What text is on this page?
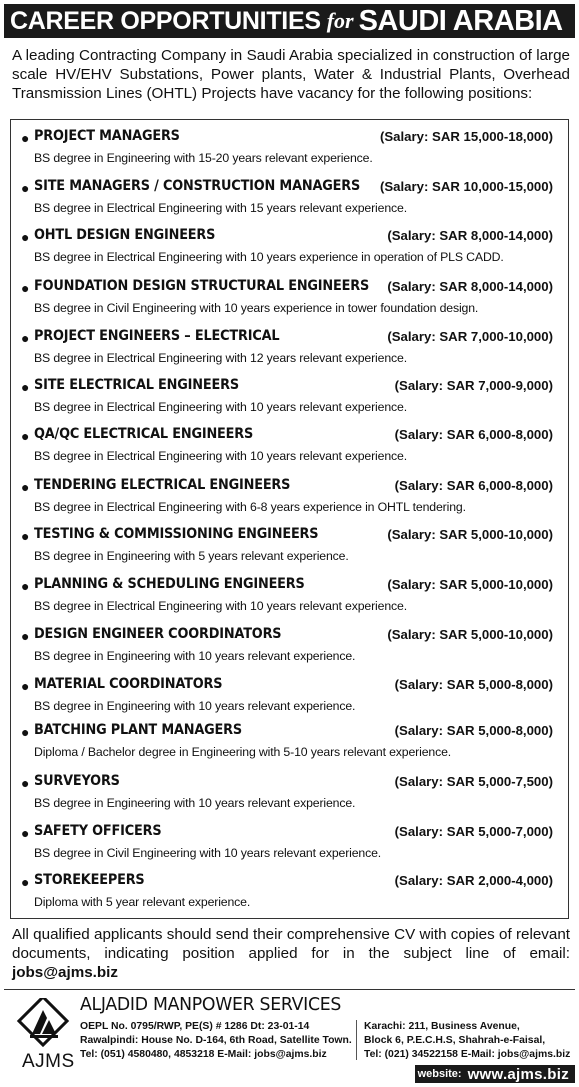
CAREER OPPORTUNITIES for SAUDI ARABIA

A leading Contracting Company in Saudi Arabia specialized in construction of large scale HV/EHV Substations, Power plants, Water & Industrial Plants, Overhead Transmission Lines (OHTL) Projects have vacancy for the following positions:

● PROJECT MANAGERS	(Salary: SAR 15,000-18,000)
BS degree in Engineering with 15-20 years relevant experience.
● SITE MANAGERS / CONSTRUCTION MANAGERS (Salary: SAR 10,000-15,000)
BS degree in Electrical Engineering with 15 years relevant experience.
● OHTL DESIGN ENGINEERS	(Salary: SAR 8,000-14,000)
BS degree in Electrical Engineering with 10 years experience in operation of PLS CADD.
● FOUNDATION DESIGN STRUCTURAL ENGINEERS (Salary: SAR 8,000-14,000)
BS degree in Civil Engineering with 10 years experience in tower foundation design.
● PROJECT ENGINEERS – ELECTRICAL	(Salary: SAR 7,000-10,000)
BS degree in Electrical Engineering with 12 years relevant experience.
● SITE ELECTRICAL ENGINEERS	(Salary: SAR 7,000-9,000)
BS degree in Electrical Engineering with 10 years relevant experience.
● QA/QC ELECTRICAL ENGINEERS	(Salary: SAR 6,000-8,000)
BS degree in Electrical Engineering with 10 years relevant experience.
● TENDERING ELECTRICAL ENGINEERS	(Salary: SAR 6,000-8,000)
BS degree in Electrical Engineering with 6-8 years experience in OHTL tendering.
● TESTING & COMMISSIONING ENGINEERS	(Salary: SAR 5,000-10,000)
BS degree in Engineering with 5 years relevant experience.
● PLANNING & SCHEDULING ENGINEERS	(Salary: SAR 5,000-10,000)
BS degree in Electrical Engineering with 10 years relevant experience.
● DESIGN ENGINEER COORDINATORS	(Salary: SAR 5,000-10,000)
BS degree in Engineering with 10 years relevant experience.
● MATERIAL COORDINATORS	(Salary: SAR 5,000-8,000)
BS degree in Engineering with 10 years relevant experience.
● BATCHING PLANT MANAGERS	(Salary: SAR 5,000-8,000)
Diploma / Bachelor degree in Engineering with 5-10 years relevant experience.
● SURVEYORS	(Salary: SAR 5,000-7,500)
BS degree in Engineering with 10 years relevant experience.
● SAFETY OFFICERS	(Salary: SAR 5,000-7,000)
BS degree in Civil Engineering with 10 years relevant experience.
● STOREKEEPERS	(Salary: SAR 2,000-4,000)
Diploma with 5 year relevant experience.

All qualified applicants should send their comprehensive CV with copies of relevant documents, indicating position applied for in the subject line of email: jobs@ajms.biz

AJMS
ALJADID MANPOWER SERVICES
OEPL No. 0795/RWP, PE(S) # 1286 Dt: 23-01-14
Rawalpindi: House No. D-164, 6th Road, Satellite Town.
Tel: (051) 4580480, 4853218 E-Mail: jobs@ajms.biz
Karachi: 211, Business Avenue,
Block 6, P.E.C.H.S, Shahrah-e-Faisal,
Tel: (021) 34522158 E-Mail: jobs@ajms.biz
website: www.ajms.biz
